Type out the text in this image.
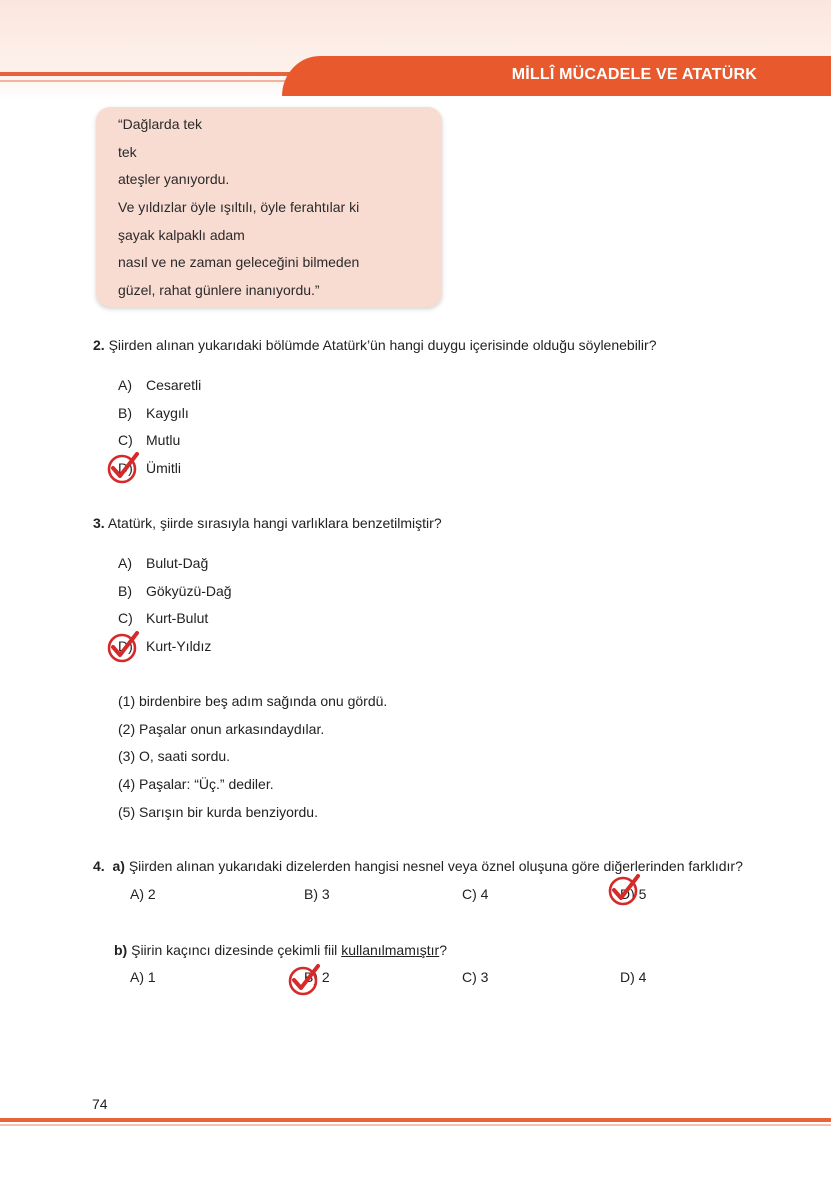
MİLLÎ MÜCADELE VE ATATÜRK
“Dağlarda tek
tek
ateşler yanıyordu.
Ve yıldızlar öyle ışıltılı, öyle ferahtılar ki
şayak kalpaklı adam
nasıl ve ne zaman geleceğini bilmeden
güzel, rahat günlere inanıyordu.”
2. Şiirden alınan yukarıdaki bölümde Atatürk’ün hangi duygu içerisinde olduğu söylenebilir?
A) Cesaretli
B) Kaygılı
C) Mutlu
D) Ümitli
3. Atatürk, şiirde sırasıyla hangi varlıklara benzetilmiştir?
A) Bulut-Dağ
B) Gökyüzü-Dağ
C) Kurt-Bulut
D) Kurt-Yıldız
(1) birdenbire beş adım sağında onu gördü.
(2) Paşalar onun arkasındaydılar.
(3) O, saati sordu.
(4) Paşalar: “Üç.” dediler.
(5) Sarışın bir kurda benziyordu.
4. a) Şiirden alınan yukarıdaki dizelerden hangisi nesnel veya öznel oluşuna göre diğerlerinden farklıdır?
A) 2	B) 3	C) 4	D) 5
b) Şiirin kaçıncı dizesinde çekimli fiil kullanılmamıştır?
A) 1	B) 2	C) 3	D) 4
74
